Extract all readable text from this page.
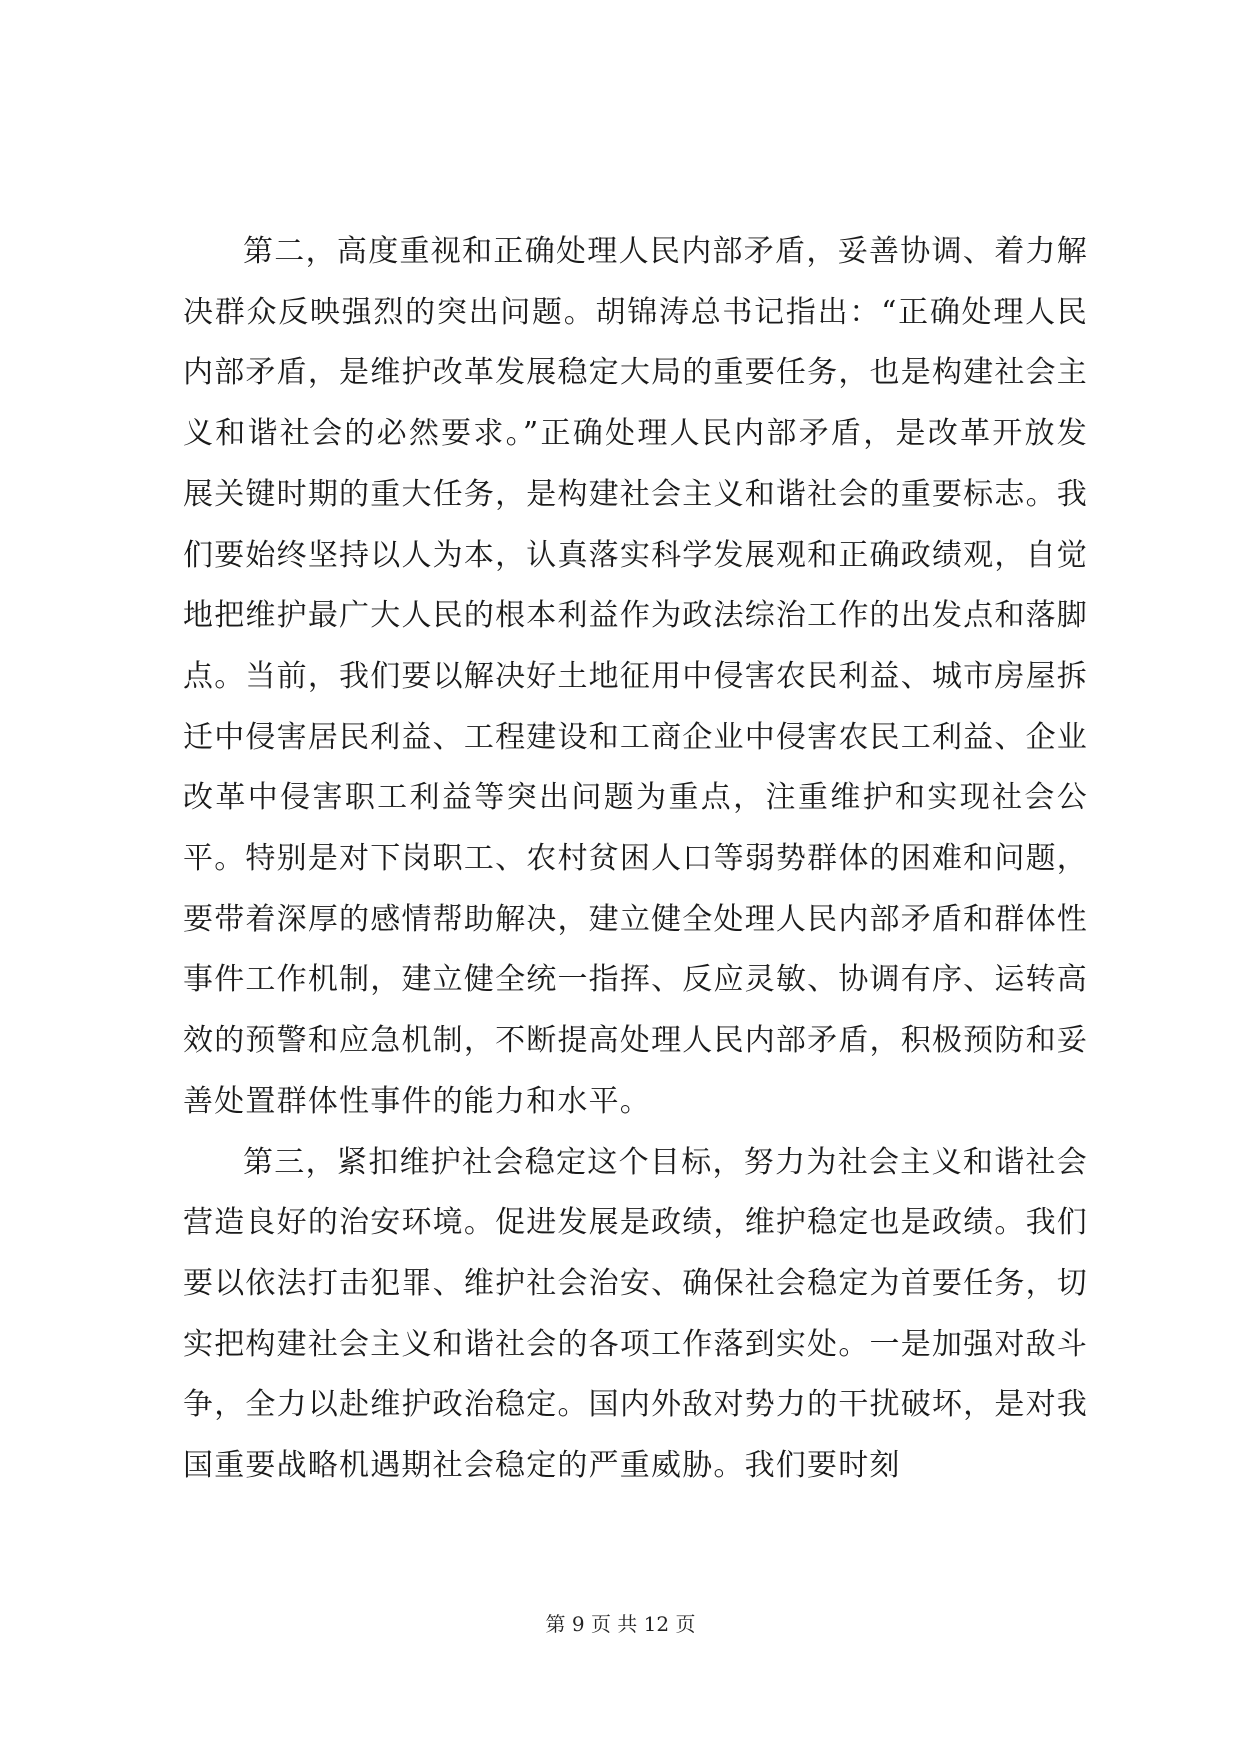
第二，高度重视和正确处理人民内部矛盾，妥善协调、着力解决群众反映强烈的突出问题。胡锦涛总书记指出：“正确处理人民内部矛盾，是维护改革发展稳定大局的重要任务，也是构建社会主义和谐社会的必然要求。”正确处理人民内部矛盾，是改革开放发展关键时期的重大任务，是构建社会主义和谐社会的重要标志。我们要始终坚持以人为本，认真落实科学发展观和正确政绩观，自觉地把维护最广大人民的根本利益作为政法综治工作的出发点和落脚点。当前，我们要以解决好土地征用中侵害农民利益、城市房屋拆迁中侵害居民利益、工程建设和工商企业中侵害农民工利益、企业改革中侵害职工利益等突出问题为重点，注重维护和实现社会公平。特别是对下岗职工、农村贫困人口等弱势群体的困难和问题，要带着深厚的感情帮助解决，建立健全处理人民内部矛盾和群体性事件工作机制，建立健全统一指挥、反应灵敏、协调有序、运转高效的预警和应急机制，不断提高处理人民内部矛盾，积极预防和妥善处置群体性事件的能力和水平。

第三，紧扣维护社会稳定这个目标，努力为社会主义和谐社会营造良好的治安环境。促进发展是政绩，维护稳定也是政绩。我们要以依法打击犯罪、维护社会治安、确保社会稳定为首要任务，切实把构建社会主义和谐社会的各项工作落到实处。一是加强对敌斗争，全力以赴维护政治稳定。国内外敌对势力的干扰破坏，是对我国重要战略机遇期社会稳定的严重威胁。我们要时刻

第 9 页 共 12 页
